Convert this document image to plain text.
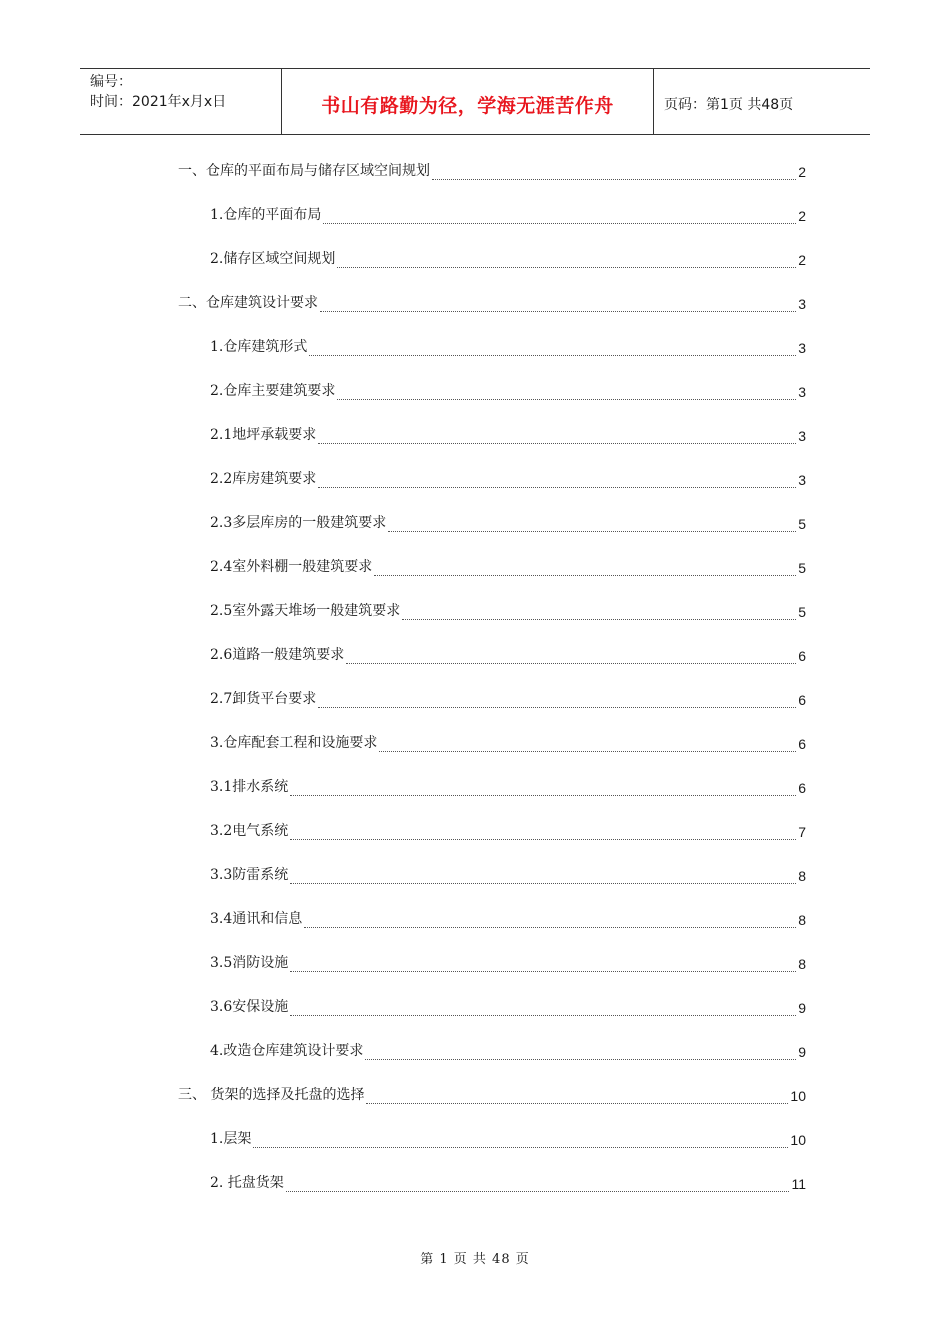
编号：
时间：2021年x月x日	书山有路勤为径，学海无涯苦作舟	页码：第1页 共48页
一、仓库的平面布局与储存区域空间规划	2
1.仓库的平面布局	2
2.储存区域空间规划	2
二、仓库建筑设计要求	3
1.仓库建筑形式	3
2.仓库主要建筑要求	3
2.1地坪承载要求	3
2.2库房建筑要求	3
2.3多层库房的一般建筑要求	5
2.4室外料棚一般建筑要求	5
2.5室外露天堆场一般建筑要求	5
2.6道路一般建筑要求	6
2.7卸货平台要求	6
3.仓库配套工程和设施要求	6
3.1排水系统	6
3.2电气系统	7
3.3防雷系统	8
3.4通讯和信息	8
3.5消防设施	8
3.6安保设施	9
4.改造仓库建筑设计要求	9
三、 货架的选择及托盘的选择	10
1.层架	10
2. 托盘货架	11
第 1 页 共 48 页
